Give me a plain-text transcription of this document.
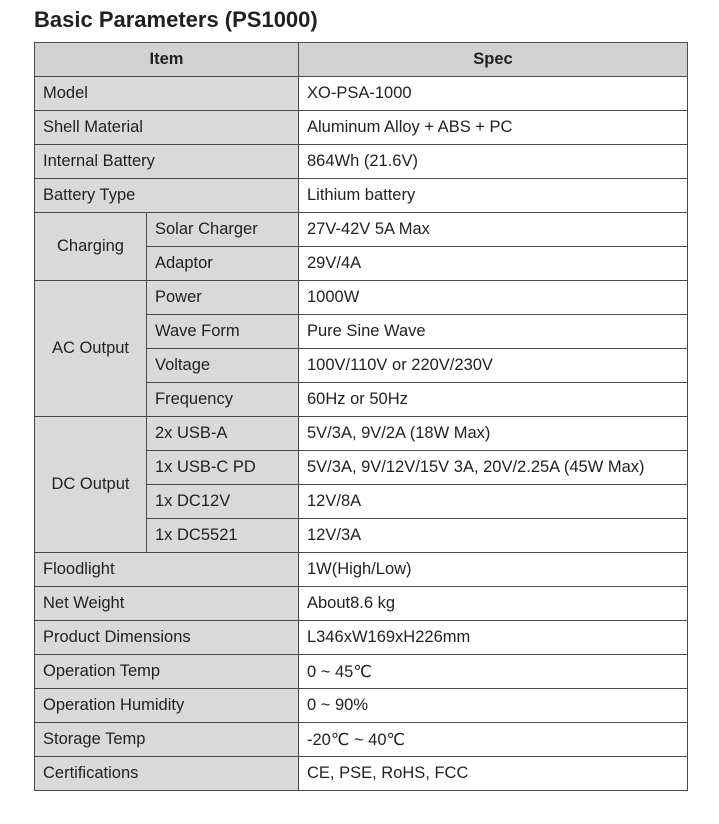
Basic Parameters (PS1000)
Item		Spec
Model		XO-PSA-1000
Shell Material		Aluminum Alloy + ABS + PC
Internal Battery		864Wh (21.6V)
Battery Type		Lithium battery
Charging	Solar Charger	27V-42V 5A Max
	Adaptor	29V/4A
AC Output	Power	1000W
	Wave Form	Pure Sine Wave
	Voltage	100V/110V or 220V/230V
	Frequency	60Hz or 50Hz
DC Output	2x USB-A	5V/3A, 9V/2A (18W Max)
	1x USB-C PD	5V/3A, 9V/12V/15V 3A, 20V/2.25A (45W Max)
	1x DC12V	12V/8A
	1x DC5521	12V/3A
Floodlight		1W(High/Low)
Net Weight		About8.6 kg
Product Dimensions		L346xW169xH226mm
Operation Temp		0 ~ 45℃
Operation Humidity		0 ~ 90%
Storage Temp		-20℃ ~ 40℃
Certifications		CE, PSE, RoHS, FCC
